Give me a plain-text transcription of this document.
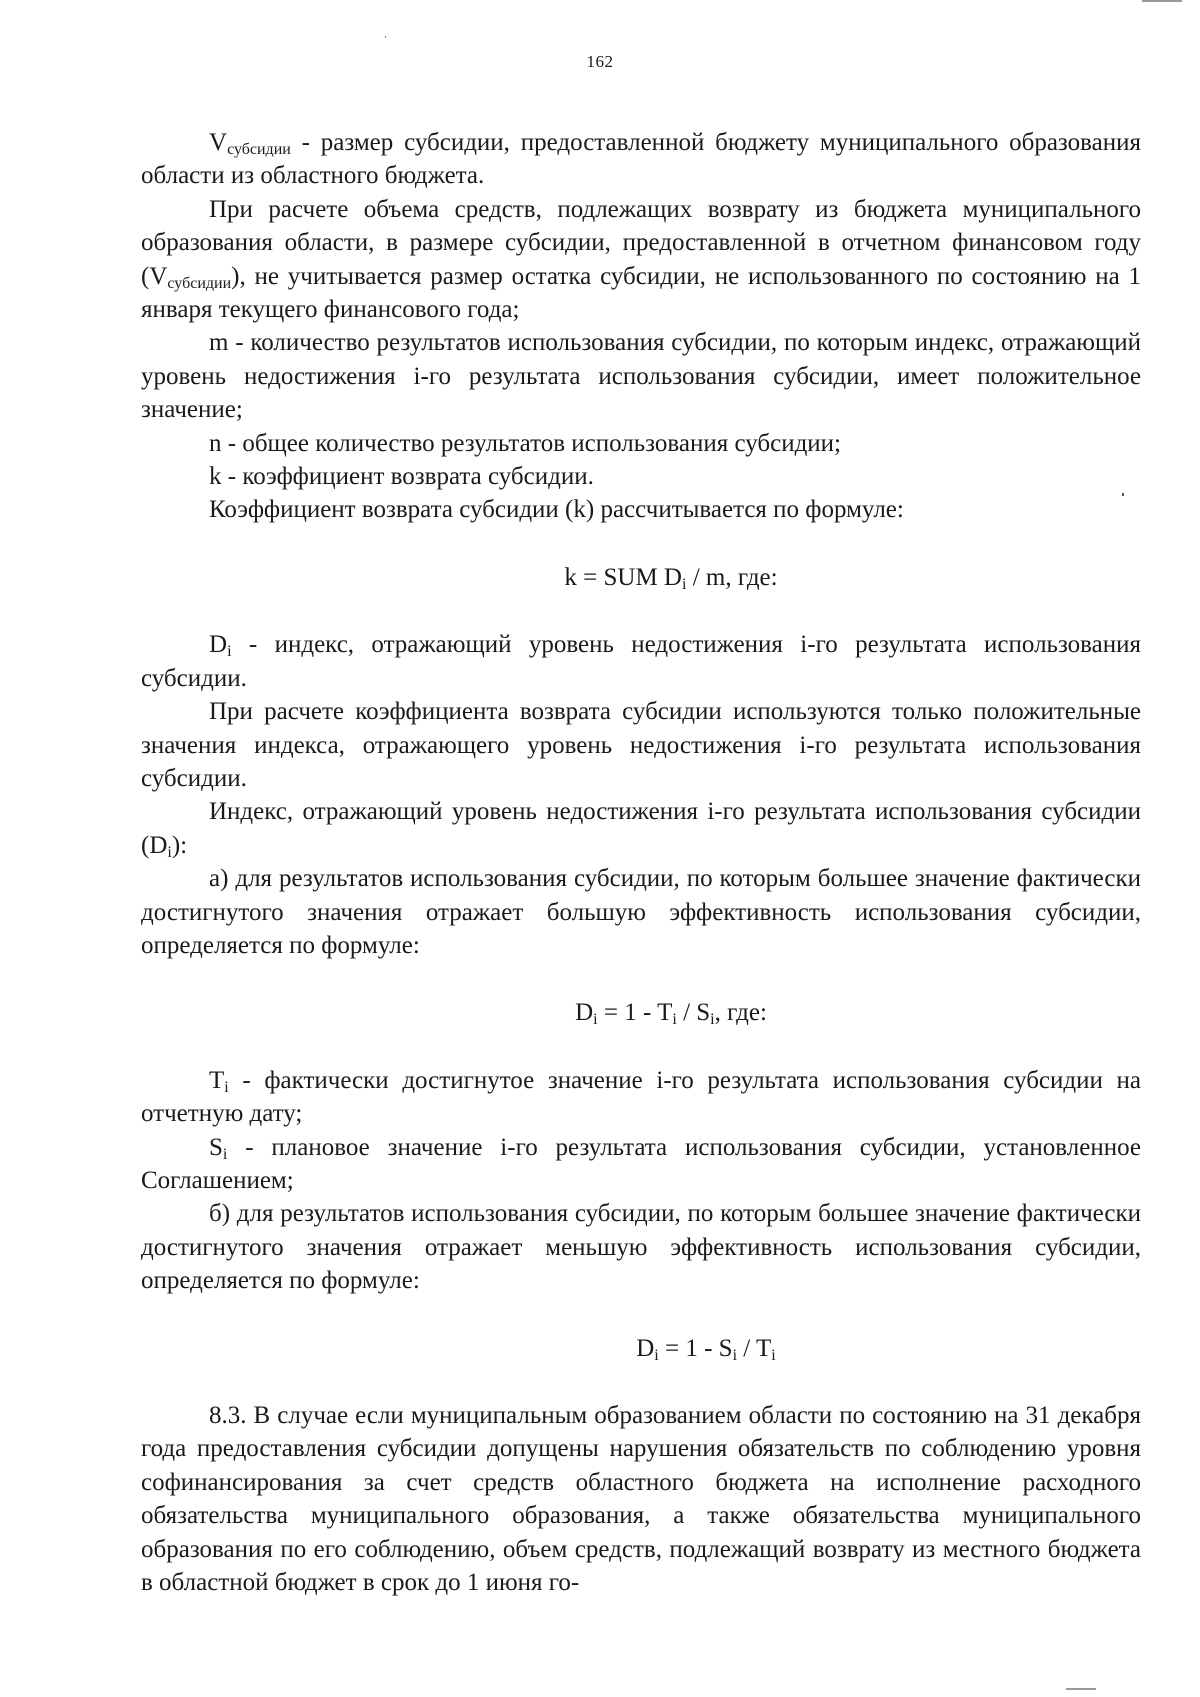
162

$V_{субсидии}$ - размер субсидии, предоставленной бюджету муниципального образования области из областного бюджета.

При расчете объема средств, подлежащих возврату из бюджета муниципального образования области, в размере субсидии, предоставленной в отчетном финансовом году $(V_{субсидии})$, не учитывается размер остатка субсидии, не использованного по состоянию на 1 января текущего финансового года;

m - количество результатов использования субсидии, по которым индекс, отражающий уровень недостижения i-го результата использования субсидии, имеет положительное значение;

n - общее количество результатов использования субсидии;

k - коэффициент возврата субсидии.

Коэффициент возврата субсидии (k) рассчитывается по формуле:

k = SUM $D_i$ / m, где:

$D_i$ - индекс, отражающий уровень недостижения i-го результата использования субсидии.

При расчете коэффициента возврата субсидии используются только положительные значения индекса, отражающего уровень недостижения i-го результата использования субсидии.

Индекс, отражающий уровень недостижения i-го результата использования субсидии $(D_i)$:

а) для результатов использования субсидии, по которым большее значение фактически достигнутого значения отражает большую эффективность использования субсидии, определяется по формуле:

$D_i = 1 - T_i / S_i$, где:

$T_i$ - фактически достигнутое значение i-го результата использования субсидии на отчетную дату;

$S_i$ - плановое значение i-го результата использования субсидии, установленное Соглашением;

б) для результатов использования субсидии, по которым большее значение фактически достигнутого значения отражает меньшую эффективность использования субсидии, определяется по формуле:

$D_i = 1 - S_i / T_i$

8.3. В случае если муниципальным образованием области по состоянию на 31 декабря года предоставления субсидии допущены нарушения обязательств по соблюдению уровня софинансирования за счет средств областного бюджета на исполнение расходного обязательства муниципального образования, а также обязательства муниципального образования по его соблюдению, объем средств, подлежащий возврату из местного бюджета в областной бюджет в срок до 1 июня го-
